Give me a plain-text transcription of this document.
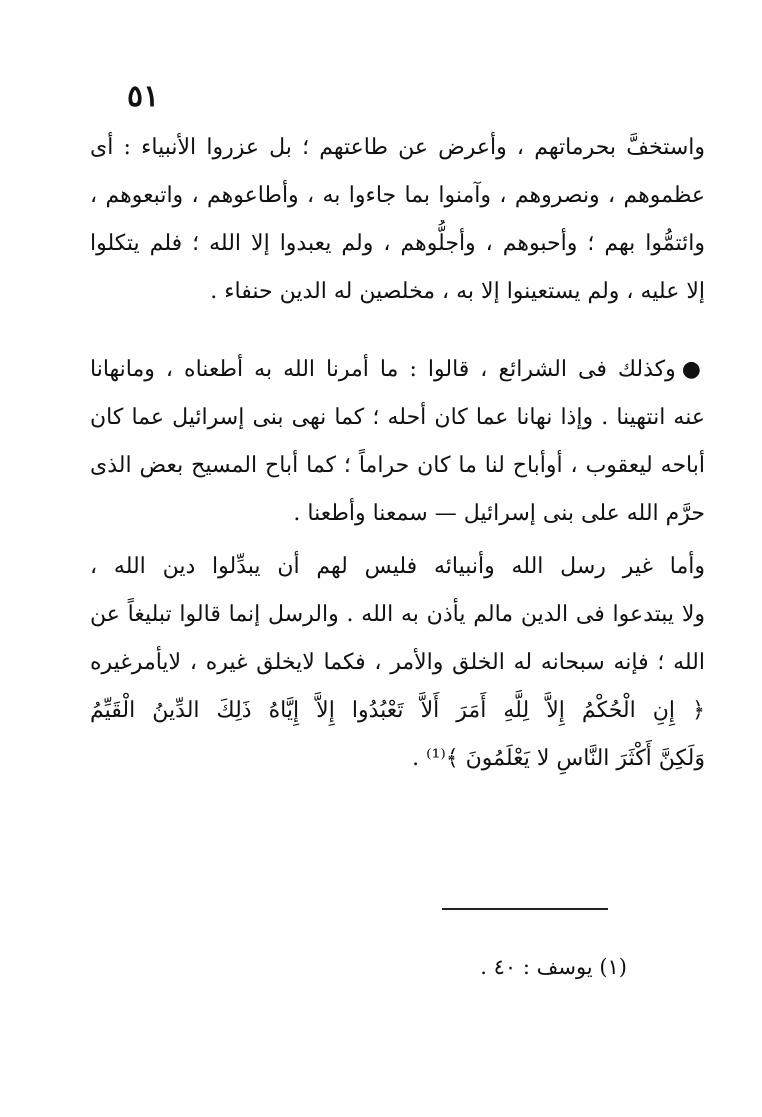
٥١
واستخفَّ بحرماتهم ، وأعرض عن طاعتهم ؛ بل عزروا الأنبياء : أى
عظموهم ، ونصروهم ، وآمنوا بما جاءوا به ، وأطاعوهم ، واتبعوهم ،
وائتمُّوا بهم ؛ وأحبوهم ، وأجلُّوهم ، ولم يعبدوا إلا الله ؛ فلم يتكلوا
إلا عليه ، ولم يستعينوا إلا به ، مخلصين له الدين حنفاء .
●وكذلك فى الشرائع ، قالوا : ما أمرنا الله به أطعناه ، ومانهانا
عنه انتهينا . وإذا نهانا عما كان أحله ؛ كما نهى بنى إسرائيل عما كان
أباحه ليعقوب ، أوأباح لنا ما كان حراماً ؛ كما أباح المسيح بعض الذى
حرَّم الله على بنى إسرائيل — سمعنا وأطعنا .
وأما غير رسل الله وأنبيائه فليس لهم أن يبدِّلوا دين الله ،
ولا يبتدعوا فى الدين مالم يأذن به الله . والرسل إنما قالوا تبليغاً عن
الله ؛ فإنه سبحانه له الخلق والأمر ، فكما لايخلق غيره ، لايأمرغيره
﴿ إِنِ الْحُكْمُ إِلاَّ لِلَّهِ أَمَرَ أَلاَّ تَعْبُدُوا إِلاَّ إِيَّاهُ ذَلِكَ الدِّينُ الْقَيِّمُ
وَلَكِنَّ أَكْثَرَ النَّاسِ لا يَعْلَمُونَ ﴾⁽¹⁾ .
(١) يوسف : ٤٠ .
